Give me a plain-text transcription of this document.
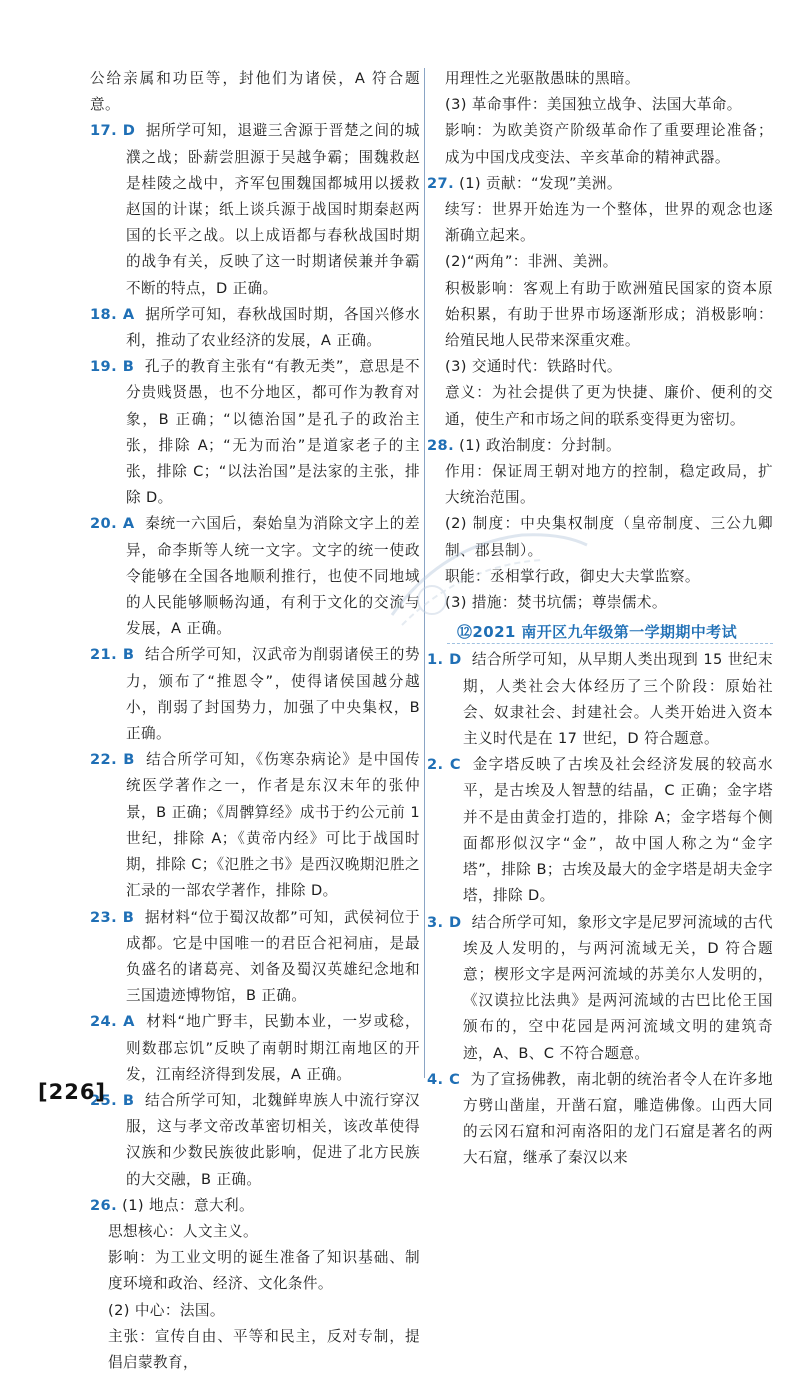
公给亲属和功臣等，封他们为诸侯，A 符合题意。

17. D 据所学可知，退避三舍源于晋楚之间的城濮之战；卧薪尝胆源于吴越争霸；围魏救赵是桂陵之战中，齐军包围魏国都城用以援救赵国的计谋；纸上谈兵源于战国时期秦赵两国的长平之战。以上成语都与春秋战国时期的战争有关，反映了这一时期诸侯兼并争霸不断的特点，D 正确。

18. A 据所学可知，春秋战国时期，各国兴修水利，推动了农业经济的发展，A 正确。

19. B 孔子的教育主张有“有教无类”，意思是不分贵贱贤愚，也不分地区，都可作为教育对象，B 正确；“以德治国”是孔子的政治主张，排除 A；“无为而治”是道家老子的主张，排除 C；“以法治国”是法家的主张，排除 D。

20. A 秦统一六国后，秦始皇为消除文字上的差异，命李斯等人统一文字。文字的统一使政令能够在全国各地顺利推行，也使不同地域的人民能够顺畅沟通，有利于文化的交流与发展，A 正确。

21. B 结合所学可知，汉武帝为削弱诸侯王的势力，颁布了“推恩令”，使得诸侯国越分越小，削弱了封国势力，加强了中央集权，B 正确。

22. B 结合所学可知，《伤寒杂病论》是中国传统医学著作之一，作者是东汉末年的张仲景，B 正确；《周髀算经》成书于约公元前 1 世纪，排除 A；《黄帝内经》可比于战国时期，排除 C；《氾胜之书》是西汉晚期氾胜之汇录的一部农学著作，排除 D。

23. B 据材料“位于蜀汉故都”可知，武侯祠位于成都。它是中国唯一的君臣合祀祠庙，是最负盛名的诸葛亮、刘备及蜀汉英雄纪念地和三国遗迹博物馆，B 正确。

24. A 材料“地广野丰，民勤本业，一岁或稔，则数郡忘饥”反映了南朝时期江南地区的开发，江南经济得到发展，A 正确。

25. B 结合所学可知，北魏鲜卑族人中流行穿汉服，这与孝文帝改革密切相关，该改革使得汉族和少数民族彼此影响，促进了北方民族的大交融，B 正确。

26. (1) 地点：意大利。

思想核心：人文主义。

影响：为工业文明的诞生准备了知识基础、制度环境和政治、经济、文化条件。

(2) 中心：法国。

主张：宣传自由、平等和民主，反对专制，提倡启蒙教育，

用理性之光驱散愚昧的黑暗。

(3) 革命事件：美国独立战争、法国大革命。

影响：为欧美资产阶级革命作了重要理论准备；成为中国戊戌变法、辛亥革命的精神武器。

27. (1) 贡献：“发现”美洲。

续写：世界开始连为一个整体，世界的观念也逐渐确立起来。

(2)“两角”：非洲、美洲。

积极影响：客观上有助于欧洲殖民国家的资本原始积累，有助于世界市场逐渐形成；消极影响：给殖民地人民带来深重灾难。

(3) 交通时代：铁路时代。

意义：为社会提供了更为快捷、廉价、便利的交通，使生产和市场之间的联系变得更为密切。

28. (1) 政治制度：分封制。

作用：保证周王朝对地方的控制，稳定政局，扩大统治范围。

(2) 制度：中央集权制度（皇帝制度、三公九卿制、郡县制）。

职能：丞相掌行政，御史大夫掌监察。

(3) 措施：焚书坑儒；尊崇儒术。

⑫2021 南开区九年级第一学期期中考试

1. D 结合所学可知，从早期人类出现到 15 世纪末期，人类社会大体经历了三个阶段：原始社会、奴隶社会、封建社会。人类开始进入资本主义时代是在 17 世纪，D 符合题意。

2. C 金字塔反映了古埃及社会经济发展的较高水平，是古埃及人智慧的结晶，C 正确；金字塔并不是由黄金打造的，排除 A；金字塔每个侧面都形似汉字“金”，故中国人称之为“金字塔”，排除 B；古埃及最大的金字塔是胡夫金字塔，排除 D。

3. D 结合所学可知，象形文字是尼罗河流域的古代埃及人发明的，与两河流域无关，D 符合题意；楔形文字是两河流域的苏美尔人发明的，《汉谟拉比法典》是两河流域的古巴比伦王国颁布的，空中花园是两河流域文明的建筑奇迹，A、B、C 不符合题意。

4. C 为了宣扬佛教，南北朝的统治者令人在许多地方劈山凿崖，开凿石窟，雕造佛像。山西大同的云冈石窟和河南洛阳的龙门石窟是著名的两大石窟，继承了秦汉以来

[226]
